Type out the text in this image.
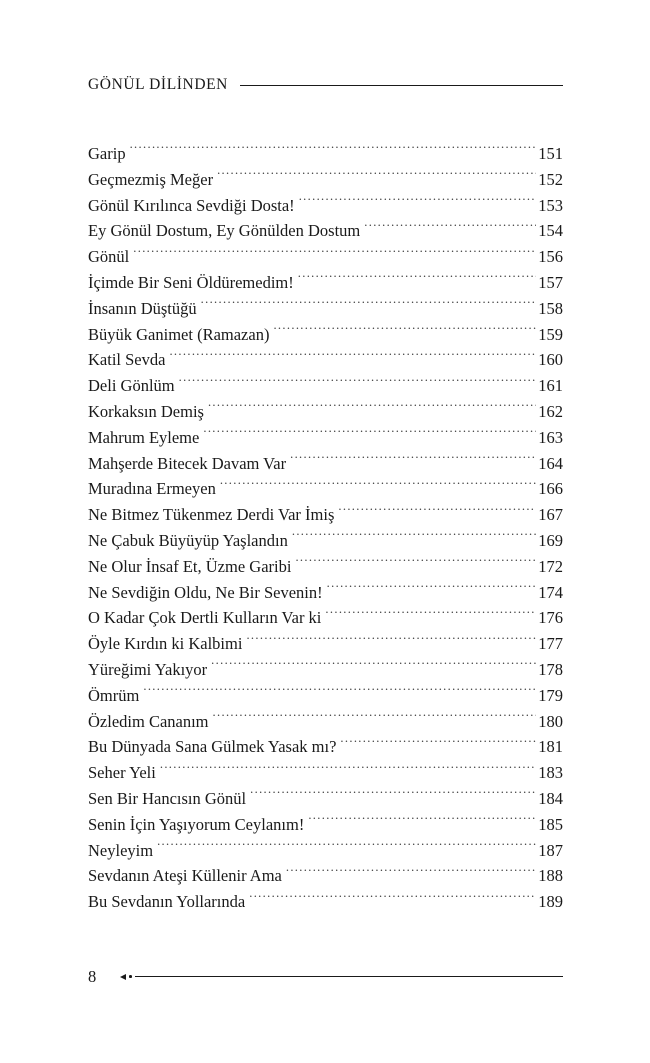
GÖNÜL DİLİNDEN
Garip .....	151
Geçmezmiş Meğer .....	152
Gönül Kırılınca Sevdiği Dosta! .....	153
Ey Gönül Dostum, Ey Gönülden Dostum .....	154
Gönül .....	156
İçimde Bir Seni Öldüremedim! .....	157
İnsanın Düştüğü .....	158
Büyük Ganimet (Ramazan) .....	159
Katil Sevda .....	160
Deli Gönlüm .....	161
Korkaksın Demiş .....	162
Mahrum Eyleme .....	163
Mahşerde Bitecek Davam Var .....	164
Muradına Ermeyen .....	166
Ne Bitmez Tükenmez Derdi Var İmiş .....	167
Ne Çabuk Büyüyüp Yaşlandın .....	169
Ne Olur İnsaf Et, Üzme Garibi .....	172
Ne Sevdiğin Oldu, Ne Bir Sevenin! .....	174
O Kadar Çok Dertli Kulların Var ki .....	176
Öyle Kırdın ki Kalbimi .....	177
Yüreğimi Yakıyor .....	178
Ömrüm .....	179
Özledim Cananım .....	180
Bu Dünyada Sana Gülmek Yasak mı? .....	181
Seher Yeli .....	183
Sen Bir Hancısın Gönül .....	184
Senin İçin Yaşıyorum Ceylanım! .....	185
Neyleyim .....	187
Sevdanın Ateşi Küllenir Ama .....	188
Bu Sevdanın Yollarında .....	189
8
